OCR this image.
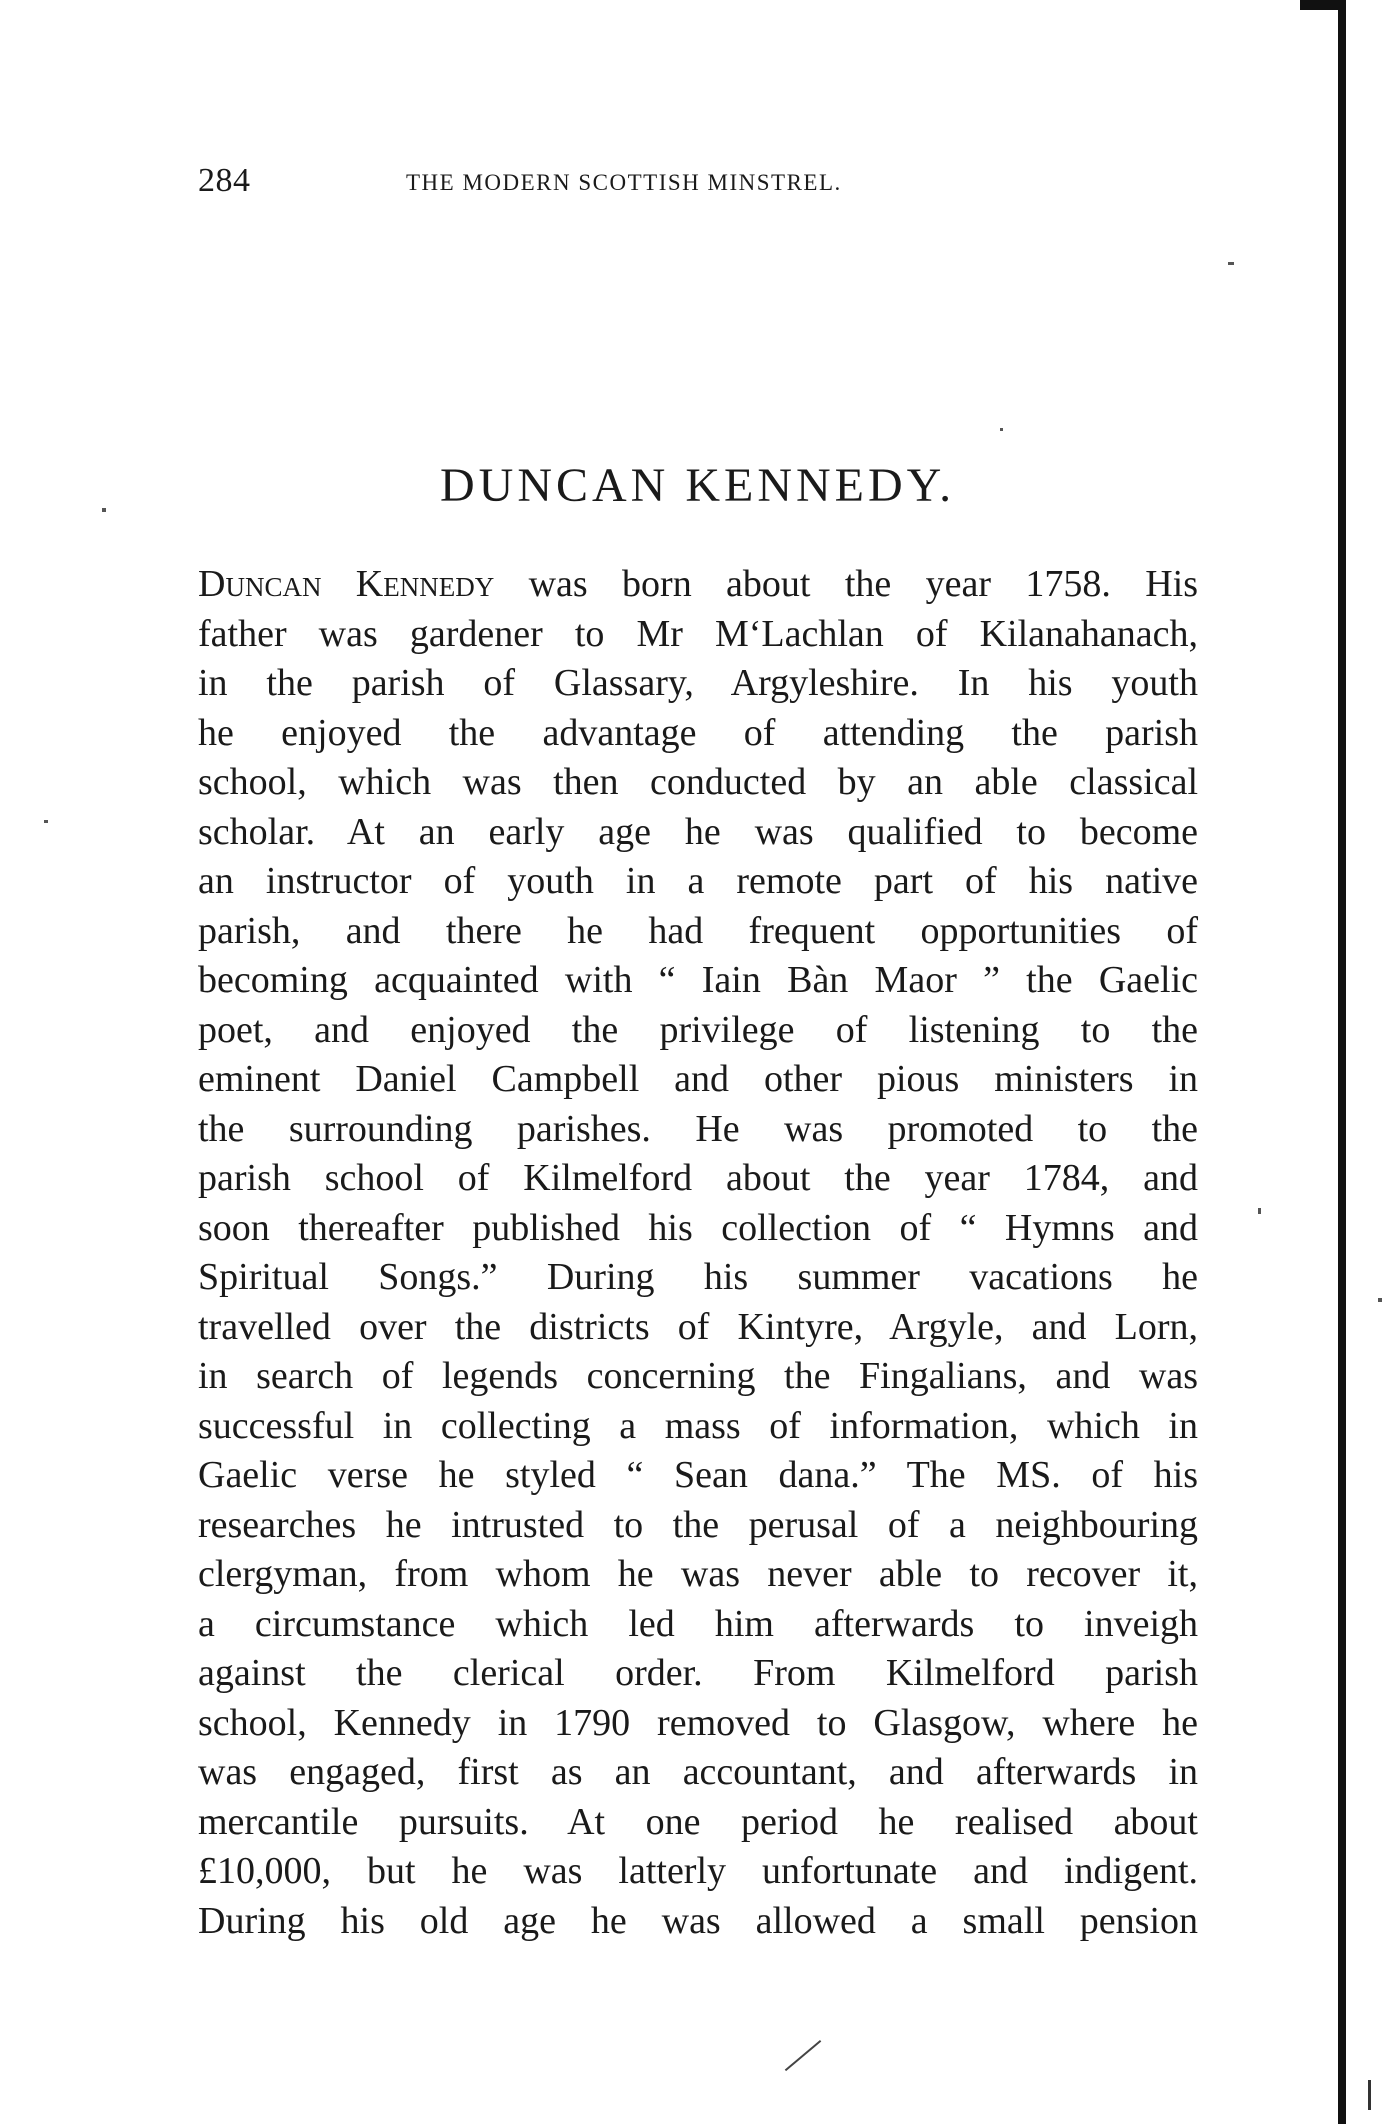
284	THE MODERN SCOTTISH MINSTREL.
DUNCAN KENNEDY.
Duncan Kennedy was born about the year 1758. His
father was gardener to Mr M‘Lachlan of Kilanahanach,
in the parish of Glassary, Argyleshire. In his youth
he enjoyed the advantage of attending the parish
school, which was then conducted by an able classical
scholar. At an early age he was qualified to become
an instructor of youth in a remote part of his native
parish, and there he had frequent opportunities of
becoming acquainted with “ Iain Bàn Maor ” the Gaelic
poet, and enjoyed the privilege of listening to the
eminent Daniel Campbell and other pious ministers in
the surrounding parishes. He was promoted to the
parish school of Kilmelford about the year 1784, and
soon thereafter published his collection of “ Hymns and
Spiritual Songs.” During his summer vacations he
travelled over the districts of Kintyre, Argyle, and Lorn,
in search of legends concerning the Fingalians, and was
successful in collecting a mass of information, which in
Gaelic verse he styled “ Sean dana.” The MS. of his
researches he intrusted to the perusal of a neighbouring
clergyman, from whom he was never able to recover it,
a circumstance which led him afterwards to inveigh
against the clerical order. From Kilmelford parish
school, Kennedy in 1790 removed to Glasgow, where he
was engaged, first as an accountant, and afterwards in
mercantile pursuits. At one period he realised about
£10,000, but he was latterly unfortunate and indigent.
During his old age he was allowed a small pension
